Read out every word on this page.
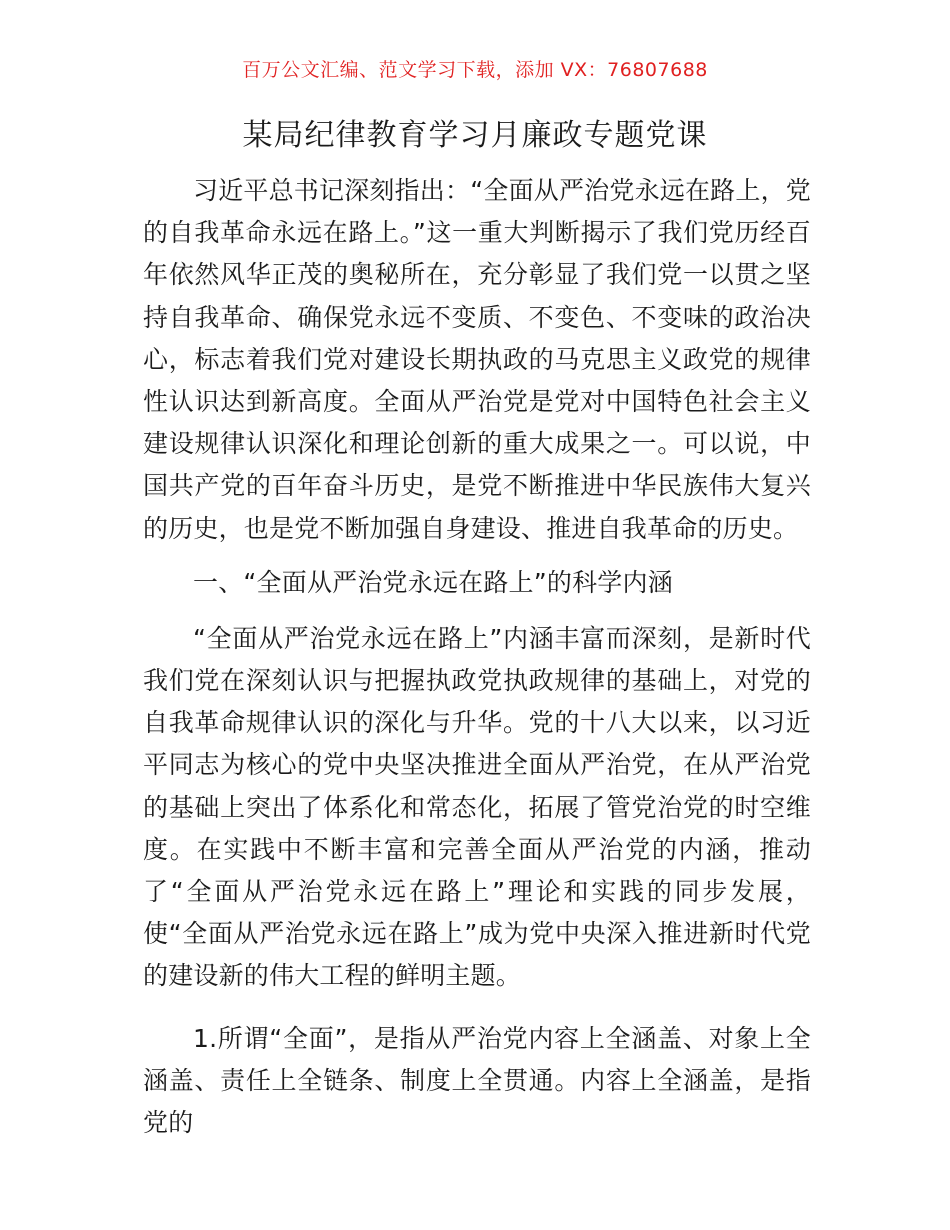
百万公文汇编、范文学习下载，添加 VX：76807688
某局纪律教育学习月廉政专题党课

习近平总书记深刻指出：“全面从严治党永远在路上，党的自我革命永远在路上。”这一重大判断揭示了我们党历经百年依然风华正茂的奥秘所在，充分彰显了我们党一以贯之坚持自我革命、确保党永远不变质、不变色、不变味的政治决心，标志着我们党对建设长期执政的马克思主义政党的规律性认识达到新高度。全面从严治党是党对中国特色社会主义建设规律认识深化和理论创新的重大成果之一。可以说，中国共产党的百年奋斗历史，是党不断推进中华民族伟大复兴的历史，也是党不断加强自身建设、推进自我革命的历史。

一、“全面从严治党永远在路上”的科学内涵

“全面从严治党永远在路上”内涵丰富而深刻，是新时代我们党在深刻认识与把握执政党执政规律的基础上，对党的自我革命规律认识的深化与升华。党的十八大以来，以习近平同志为核心的党中央坚决推进全面从严治党，在从严治党的基础上突出了体系化和常态化，拓展了管党治党的时空维度。在实践中不断丰富和完善全面从严治党的内涵，推动了“全面从严治党永远在路上”理论和实践的同步发展，使“全面从严治党永远在路上”成为党中央深入推进新时代党的建设新的伟大工程的鲜明主题。

1.所谓“全面”，是指从严治党内容上全涵盖、对象上全涵盖、责任上全链条、制度上全贯通。内容上全涵盖，是指党的
